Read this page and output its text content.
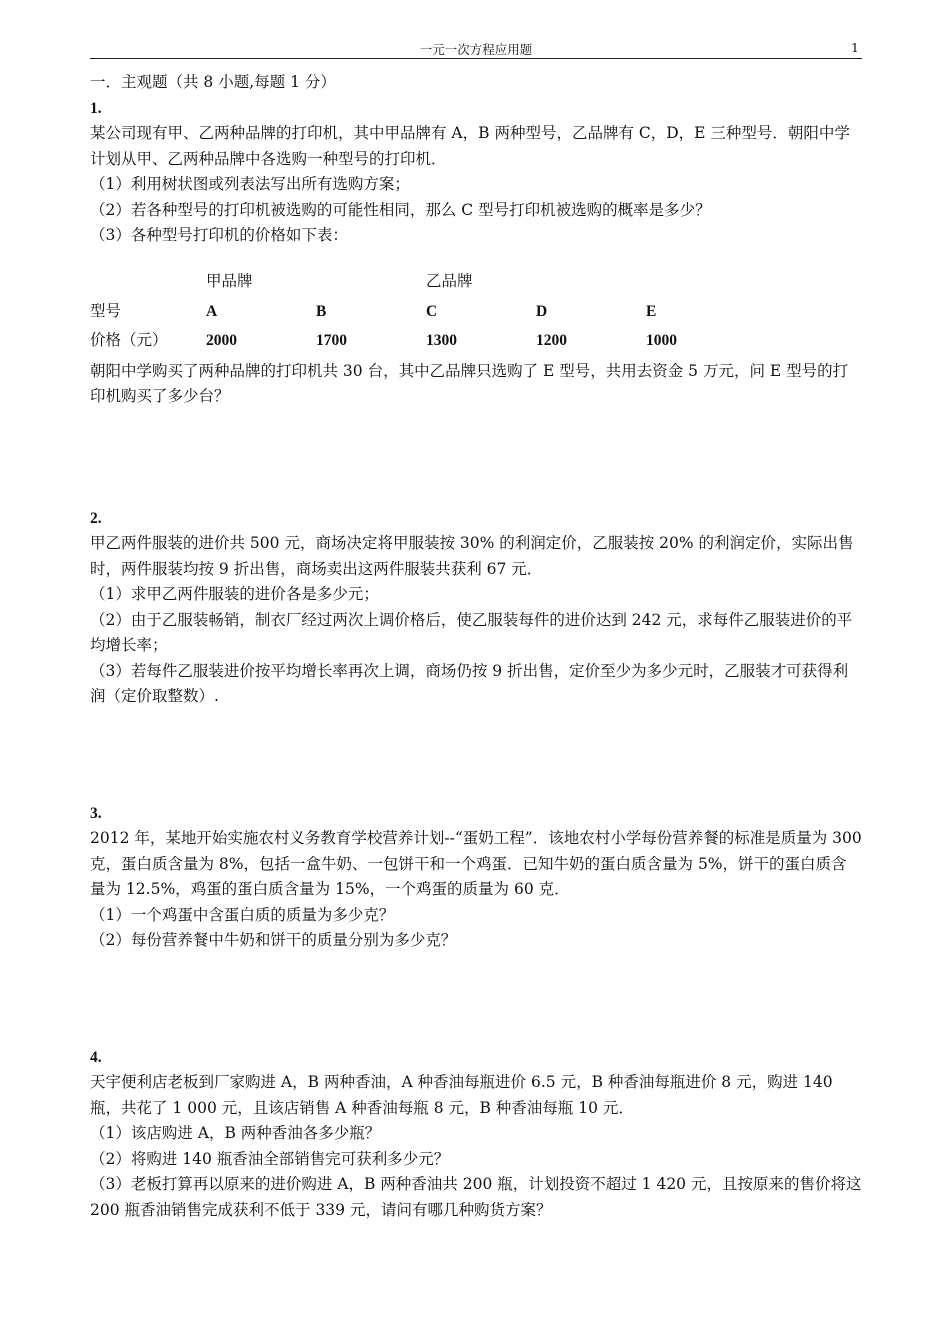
一元一次方程应用题	1

一．主观题（共 8 小题,每题 1 分）

1.

某公司现有甲、乙两种品牌的打印机，其中甲品牌有 A，B 两种型号，乙品牌有 C，D，E 三种型号．朝阳中学计划从甲、乙两种品牌中各选购一种型号的打印机．

（1）利用树状图或列表法写出所有选购方案；

（2）若各种型号的打印机被选购的可能性相同，那么 C 型号打印机被选购的概率是多少？

（3）各种型号打印机的价格如下表：

甲品牌	乙品牌
型号	A	B	C	D	E
价格（元） 2000	1700	1300	1200	1000

朝阳中学购买了两种品牌的打印机共 30 台，其中乙品牌只选购了 E 型号，共用去资金 5 万元，问 E 型号的打印机购买了多少台？

2.

甲乙两件服装的进价共 500 元，商场决定将甲服装按 30% 的利润定价，乙服装按 20% 的利润定价，实际出售时，两件服装均按 9 折出售，商场卖出这两件服装共获利 67 元．

（1）求甲乙两件服装的进价各是多少元；

（2）由于乙服装畅销，制衣厂经过两次上调价格后，使乙服装每件的进价达到 242 元，求每件乙服装进价的平均增长率；

（3）若每件乙服装进价按平均增长率再次上调，商场仍按 9 折出售，定价至少为多少元时，乙服装才可获得利润（定价取整数）.

3.

2012 年，某地开始实施农村义务教育学校营养计划--“蛋奶工程”．该地农村小学每份营养餐的标准是质量为 300 克，蛋白质含量为 8%，包括一盒牛奶、一包饼干和一个鸡蛋．已知牛奶的蛋白质含量为 5%，饼干的蛋白质含量为 12.5%，鸡蛋的蛋白质含量为 15%，一个鸡蛋的质量为 60 克．

（1）一个鸡蛋中含蛋白质的质量为多少克？

（2）每份营养餐中牛奶和饼干的质量分别为多少克？

4.

天宇便利店老板到厂家购进 A，B 两种香油，A 种香油每瓶进价 6.5 元，B 种香油每瓶进价 8 元，购进 140 瓶，共花了 1 000 元，且该店销售 A 种香油每瓶 8 元，B 种香油每瓶 10 元．

（1）该店购进 A，B 两种香油各多少瓶？

（2）将购进 140 瓶香油全部销售完可获利多少元？

（3）老板打算再以原来的进价购进 A，B 两种香油共 200 瓶，计划投资不超过 1 420 元，且按原来的售价将这 200 瓶香油销售完成获利不低于 339 元，请问有哪几种购货方案？
